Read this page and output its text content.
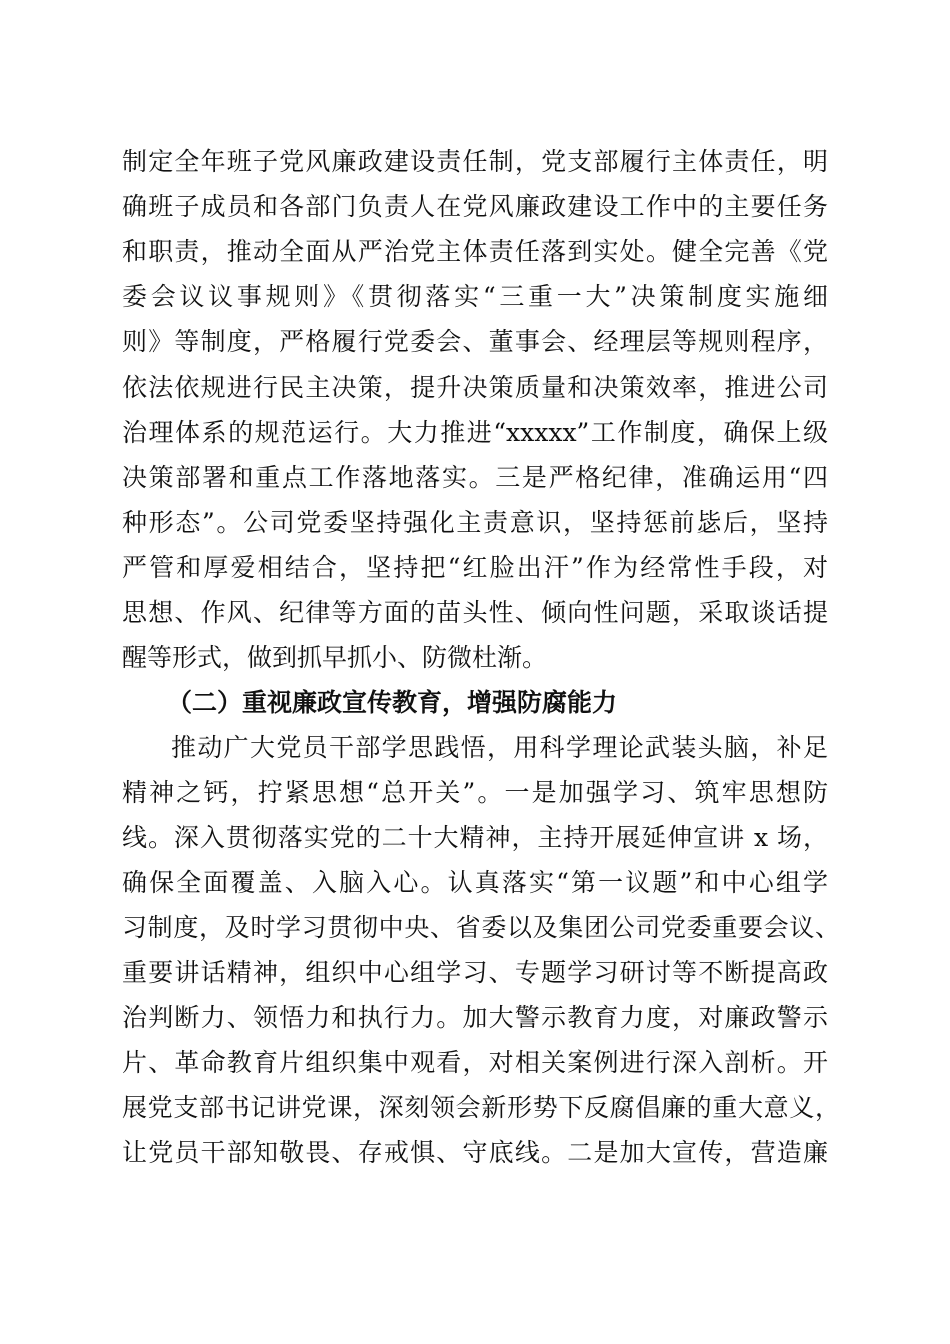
制定全年班子党风廉政建设责任制，党支部履行主体责任，明
确班子成员和各部门负责人在党风廉政建设工作中的主要任务
和职责，推动全面从严治党主体责任落到实处。健全完善《党
委会议议事规则》《贯彻落实“三重一大”决策制度实施细
则》等制度，严格履行党委会、董事会、经理层等规则程序，
依法依规进行民主决策，提升决策质量和决策效率，推进公司
治理体系的规范运行。大力推进“xxxxx”工作制度，确保上级
决策部署和重点工作落地落实。三是严格纪律，准确运用“四
种形态”。公司党委坚持强化主责意识，坚持惩前毖后，坚持
严管和厚爱相结合，坚持把“红脸出汗”作为经常性手段，对
思想、作风、纪律等方面的苗头性、倾向性问题，采取谈话提
醒等形式，做到抓早抓小、防微杜渐。
（二）重视廉政宣传教育，增强防腐能力
推动广大党员干部学思践悟，用科学理论武装头脑，补足
精神之钙，拧紧思想“总开关”。一是加强学习、筑牢思想防
线。深入贯彻落实党的二十大精神，主持开展延伸宣讲 x 场，
确保全面覆盖、入脑入心。认真落实“第一议题”和中心组学
习制度，及时学习贯彻中央、省委以及集团公司党委重要会议、
重要讲话精神，组织中心组学习、专题学习研讨等不断提高政
治判断力、领悟力和执行力。加大警示教育力度，对廉政警示
片、革命教育片组织集中观看，对相关案例进行深入剖析。开
展党支部书记讲党课，深刻领会新形势下反腐倡廉的重大意义，
让党员干部知敬畏、存戒惧、守底线。二是加大宣传，营造廉
